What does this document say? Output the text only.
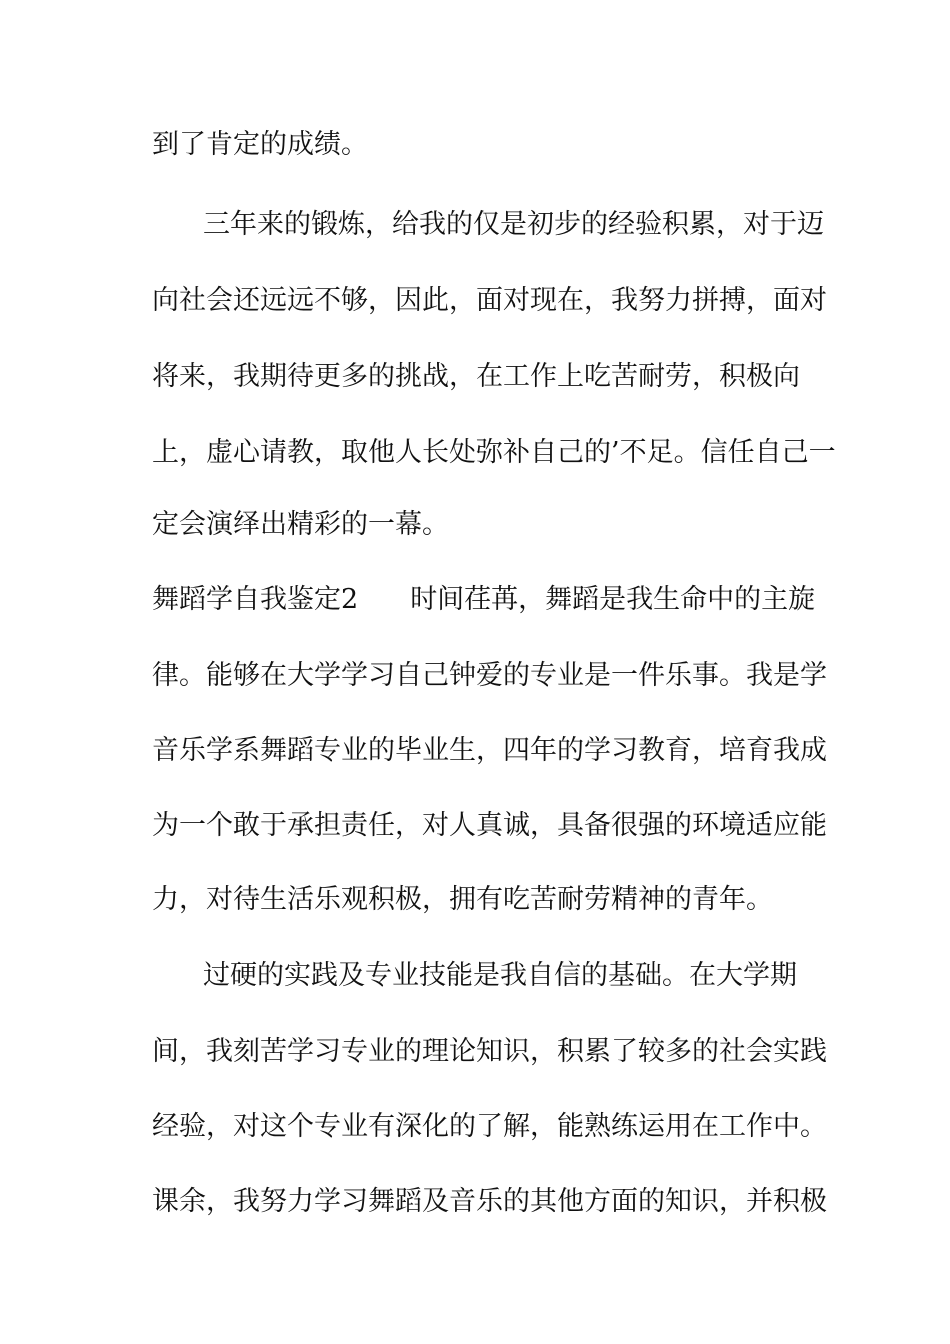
到了肯定的成绩。
三年来的锻炼，给我的仅是初步的经验积累，对于迈
向社会还远远不够，因此，面对现在，我努力拼搏，面对
将来，我期待更多的挑战，在工作上吃苦耐劳，积极向
上，虚心请教，取他人长处弥补自己的’不足。信任自己一
定会演绎出精彩的一幕。
舞蹈学自我鉴定2 时间荏苒，舞蹈是我生命中的主旋
律。能够在大学学习自己钟爱的专业是一件乐事。我是学
音乐学系舞蹈专业的毕业生，四年的学习教育，培育我成
为一个敢于承担责任，对人真诚，具备很强的环境适应能
力，对待生活乐观积极，拥有吃苦耐劳精神的青年。
过硬的实践及专业技能是我自信的基础。在大学期
间，我刻苦学习专业的理论知识，积累了较多的社会实践
经验，对这个专业有深化的了解，能熟练运用在工作中。
课余，我努力学习舞蹈及音乐的其他方面的知识，并积极
